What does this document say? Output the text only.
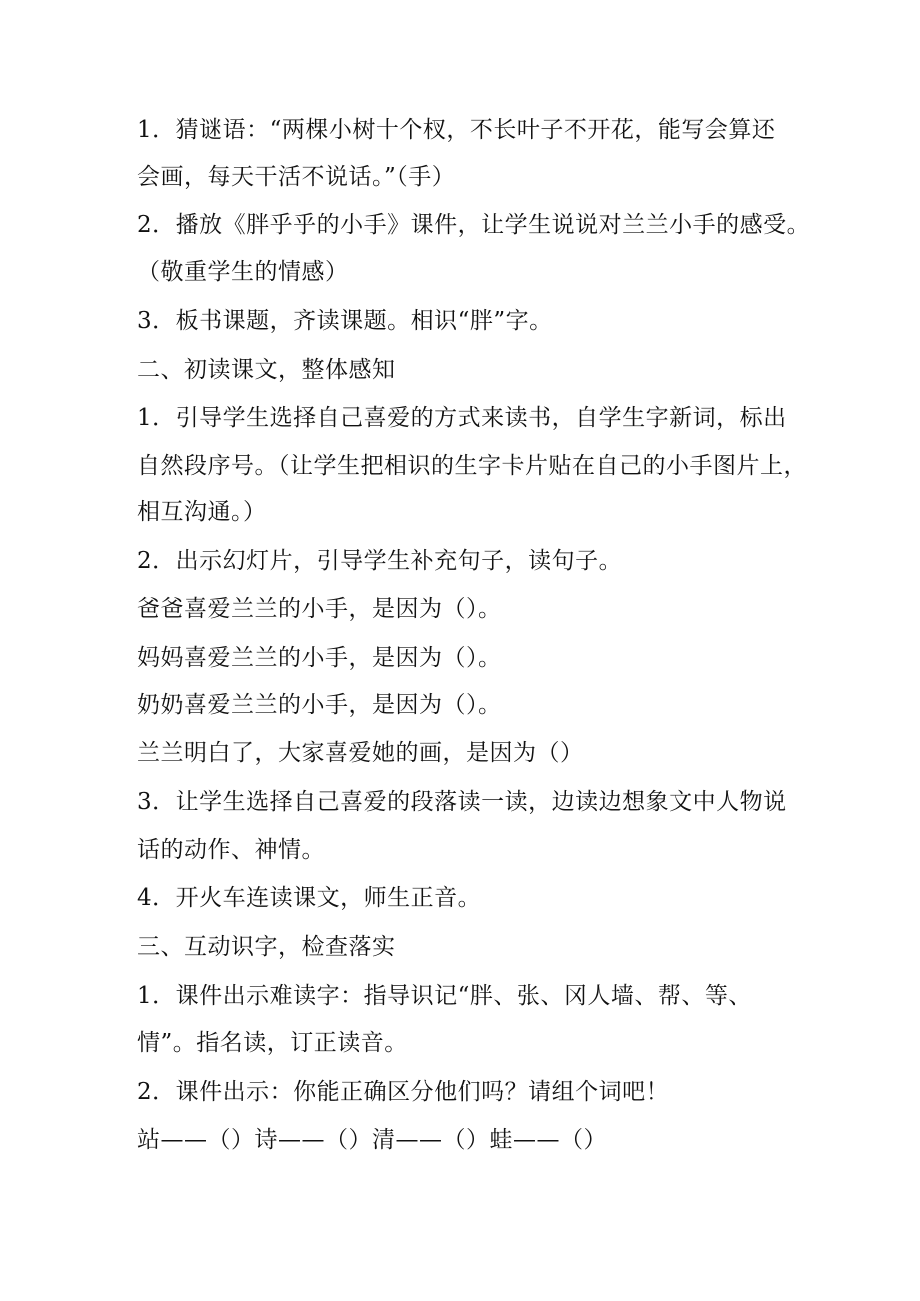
1．猜谜语：“两棵小树十个杈，不长叶子不开花，能写会算还
会画，每天干活不说话。”（手）
2．播放《胖乎乎的小手》课件，让学生说说对兰兰小手的感受。
（敬重学生的情感）
3．板书课题，齐读课题。相识“胖”字。
二、初读课文，整体感知
1．引导学生选择自己喜爱的方式来读书，自学生字新词，标出
自然段序号。（让学生把相识的生字卡片贴在自己的小手图片上，
相互沟通。）
2．出示幻灯片，引导学生补充句子，读句子。
爸爸喜爱兰兰的小手，是因为（）。
妈妈喜爱兰兰的小手，是因为（）。
奶奶喜爱兰兰的小手，是因为（）。
兰兰明白了，大家喜爱她的画，是因为（）
3．让学生选择自己喜爱的段落读一读，边读边想象文中人物说
话的动作、神情。
4．开火车连读课文，师生正音。
三、互动识字，检查落实
1．课件出示难读字：指导识记“胖、张、冈人墙、帮、等、
情”。指名读，订正读音。
2．课件出示：你能正确区分他们吗？请组个词吧！
站——（）诗——（）清——（）蛙——（）
